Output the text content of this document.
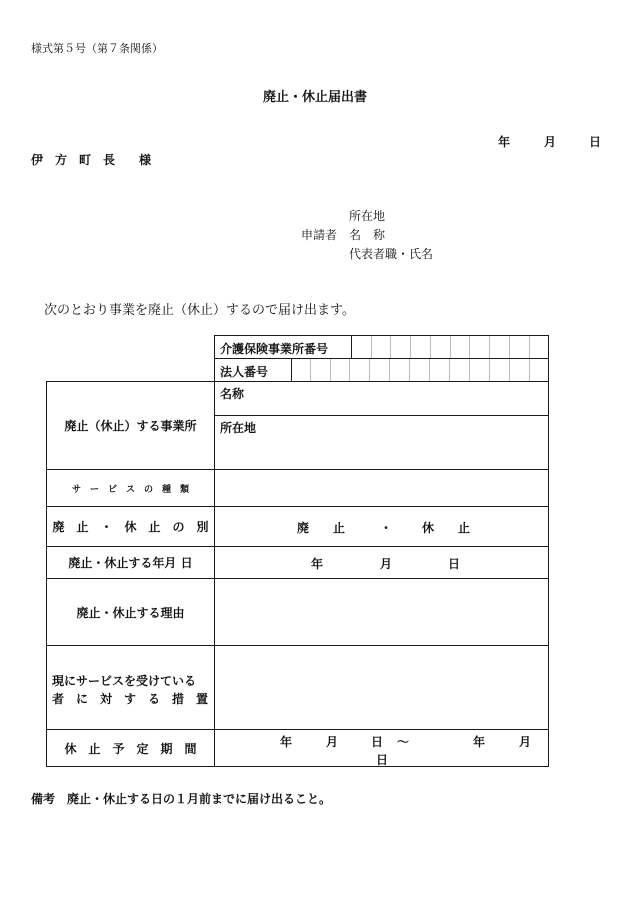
様式第５号（第７条関係）
廃止・休止届出書
年	月	日
伊　方　町　長　　様
所在地
申請者 名　称
代表者職・氏名
次のとおり事業を廃止（休止）するので届け出ます。
介護保険事業所番号
法人番号
廃止（休止）する事業所
名称
所在地
サ　ー　ビ　ス　の　種　類
廃　止　・　休　止　の　別	廃　　止	・ 休　　止
廃止・休止する年月 日	年	月	日
廃止・休止する理由
現にサービスを受けている
者　に　対　す　る　措　置
休　止　予　定　期　間	年	月	日 ～	年	月
日
備考　廃止・休止する日の１月前までに届け出ること。
